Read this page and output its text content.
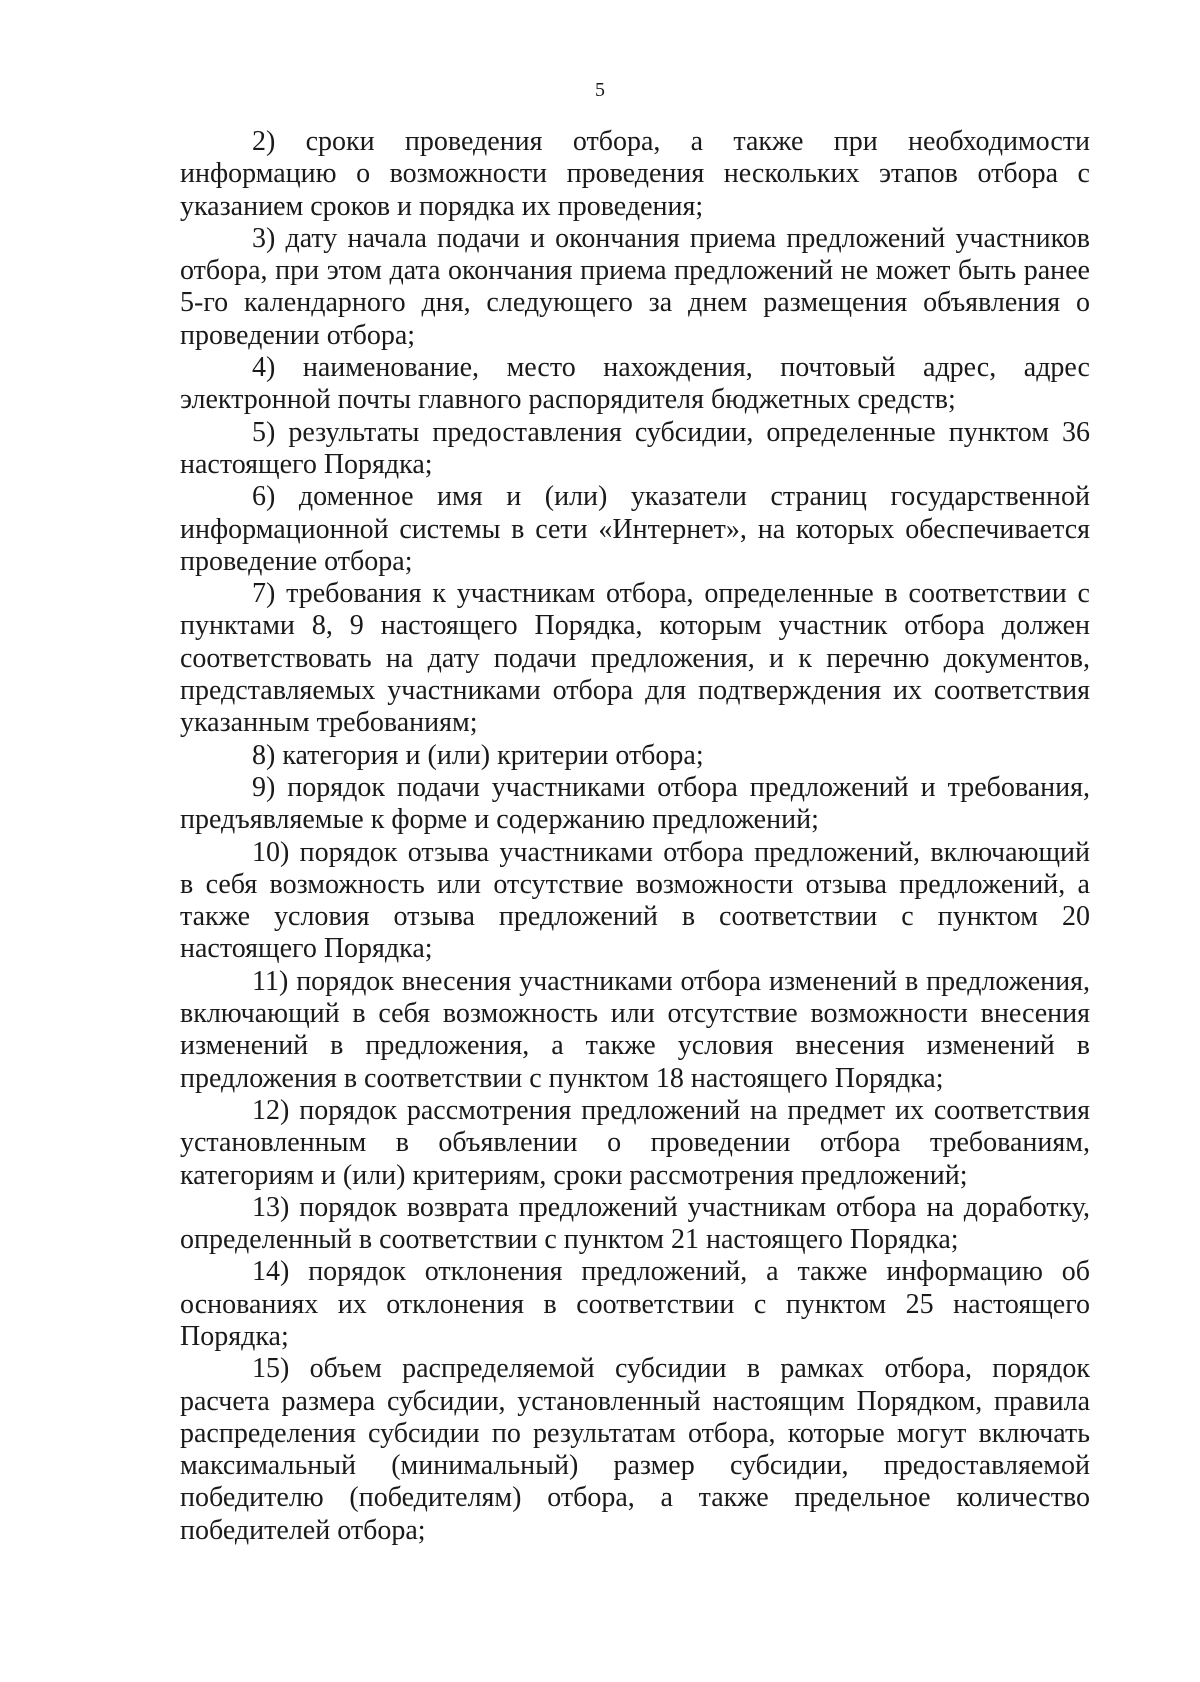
5

2) сроки проведения отбора, а также при необходимости информацию о возможности проведения нескольких этапов отбора с указанием сроков и порядка их проведения;

3) дату начала подачи и окончания приема предложений участников отбора, при этом дата окончания приема предложений не может быть ранее 5-го календарного дня, следующего за днем размещения объявления о проведении отбора;

4) наименование, место нахождения, почтовый адрес, адрес электронной почты главного распорядителя бюджетных средств;

5) результаты предоставления субсидии, определенные пунктом 36 настоящего Порядка;

6) доменное имя и (или) указатели страниц государственной информационной системы в сети «Интернет», на которых обеспечивается проведение отбора;

7) требования к участникам отбора, определенные в соответствии с пунктами 8, 9 настоящего Порядка, которым участник отбора должен соответствовать на дату подачи предложения, и к перечню документов, представляемых участниками отбора для подтверждения их соответствия указанным требованиям;

8) категория и (или) критерии отбора;

9) порядок подачи участниками отбора предложений и требования, предъявляемые к форме и содержанию предложений;

10) порядок отзыва участниками отбора предложений, включающий в себя возможность или отсутствие возможности отзыва предложений, а также условия отзыва предложений в соответствии с пунктом 20 настоящего Порядка;

11) порядок внесения участниками отбора изменений в предложения, включающий в себя возможность или отсутствие возможности внесения изменений в предложения, а также условия внесения изменений в предложения в соответствии с пунктом 18 настоящего Порядка;

12) порядок рассмотрения предложений на предмет их соответствия установленным в объявлении о проведении отбора требованиям, категориям и (или) критериям, сроки рассмотрения предложений;

13) порядок возврата предложений участникам отбора на доработку, определенный в соответствии с пунктом 21 настоящего Порядка;

14) порядок отклонения предложений, а также информацию об основаниях их отклонения в соответствии с пунктом 25 настоящего Порядка;

15) объем распределяемой субсидии в рамках отбора, порядок расчета размера субсидии, установленный настоящим Порядком, правила распределения субсидии по результатам отбора, которые могут включать максимальный (минимальный) размер субсидии, предоставляемой победителю (победителям) отбора, а также предельное количество победителей отбора;
